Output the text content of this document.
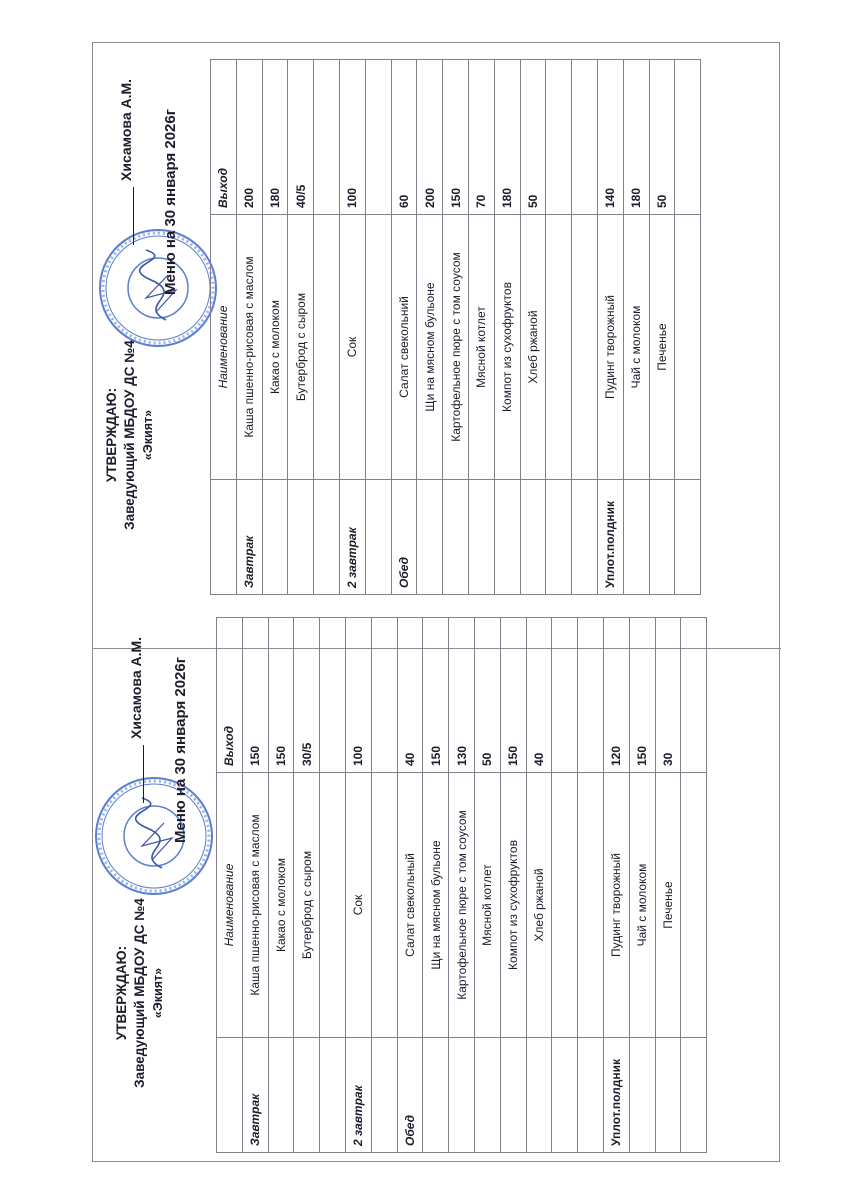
УТВЕРЖДАЮ: Заведующий МБДОУ ДС №4 «Экият»
Хисамова А.М. Меню на 30 января 2026г
	Наименование	Выход
Завтрак	Каша пшенно-рисовая с маслом	200
	Какао с молоком	180
	Бутерброд с сыром	40/5

2 завтрак	Сок	100

Обед	Салат свекольний	60
	Щи на мясном бульоне	200
	Картофельное пюре с том соусом	150
	Мясной котлет	70
	Компот из сухофруктов	180
	Хлеб ржаной	50

Уплот.полдник	Пудинг творожный	140
	Чай с молоком	180
	Печенье	50

УТВЕРЖДАЮ: Заведующий МБДОУ ДС №4 «Экият»
Хисамова А.М. Меню на 30 января 2026г
	Наименование	Выход
Завтрак	Каша пшенно-рисовая с маслом	150
	Какао с молоком	150
	Бутерброд с сыром	30/5

2 завтрак	Сок	100

Обед	Салат свекольный	40
	Щи на мясном бульоне	150
	Картофельное пюре с том соусом	130
	Мясной котлет	50
	Компот из сухофруктов	150
	Хлеб ржаной	40

Уплот.полдник	Пудинг творожный	120
	Чай с молоком	150
	Печенье	30
